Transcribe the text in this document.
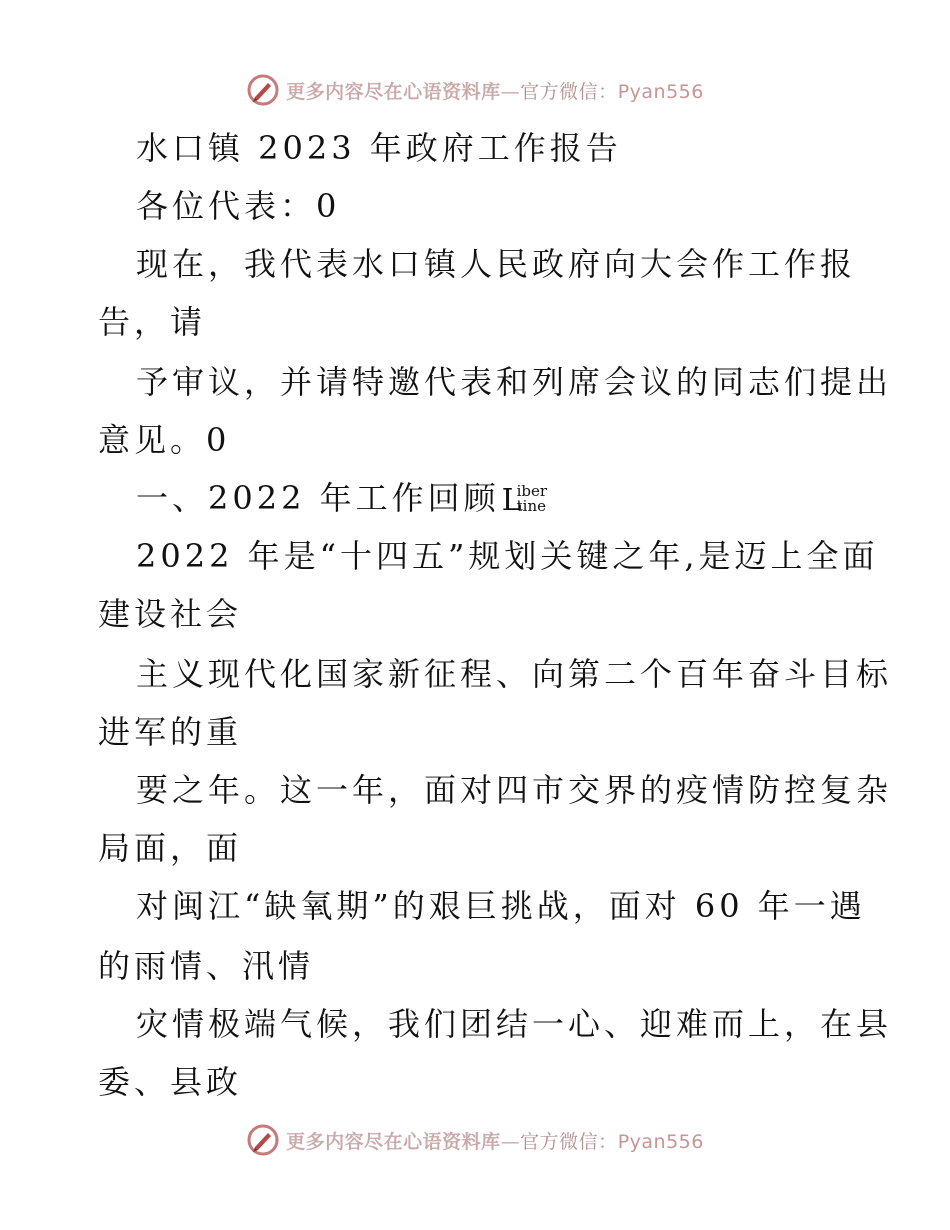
更多内容尽在心语资料库—官方微信：Pyan556
水口镇 2023 年政府工作报告
各位代表：0
现在，我代表水口镇人民政府向大会作工作报
告，请
予审议，并请特邀代表和列席会议的同志们提出
意见。0
一、2022 年工作回顾 L
iber
tine
2022 年是“十四五”规划关键之年,是迈上全面
建设社会
主义现代化国家新征程、向第二个百年奋斗目标
进军的重
要之年。这一年，面对四市交界的疫情防控复杂
局面，面
对闽江“缺氧期”的艰巨挑战，面对 60 年一遇
的雨情、汛情
灾情极端气候，我们团结一心、迎难而上，在县
委、县政
更多内容尽在心语资料库—官方微信：Pyan556
